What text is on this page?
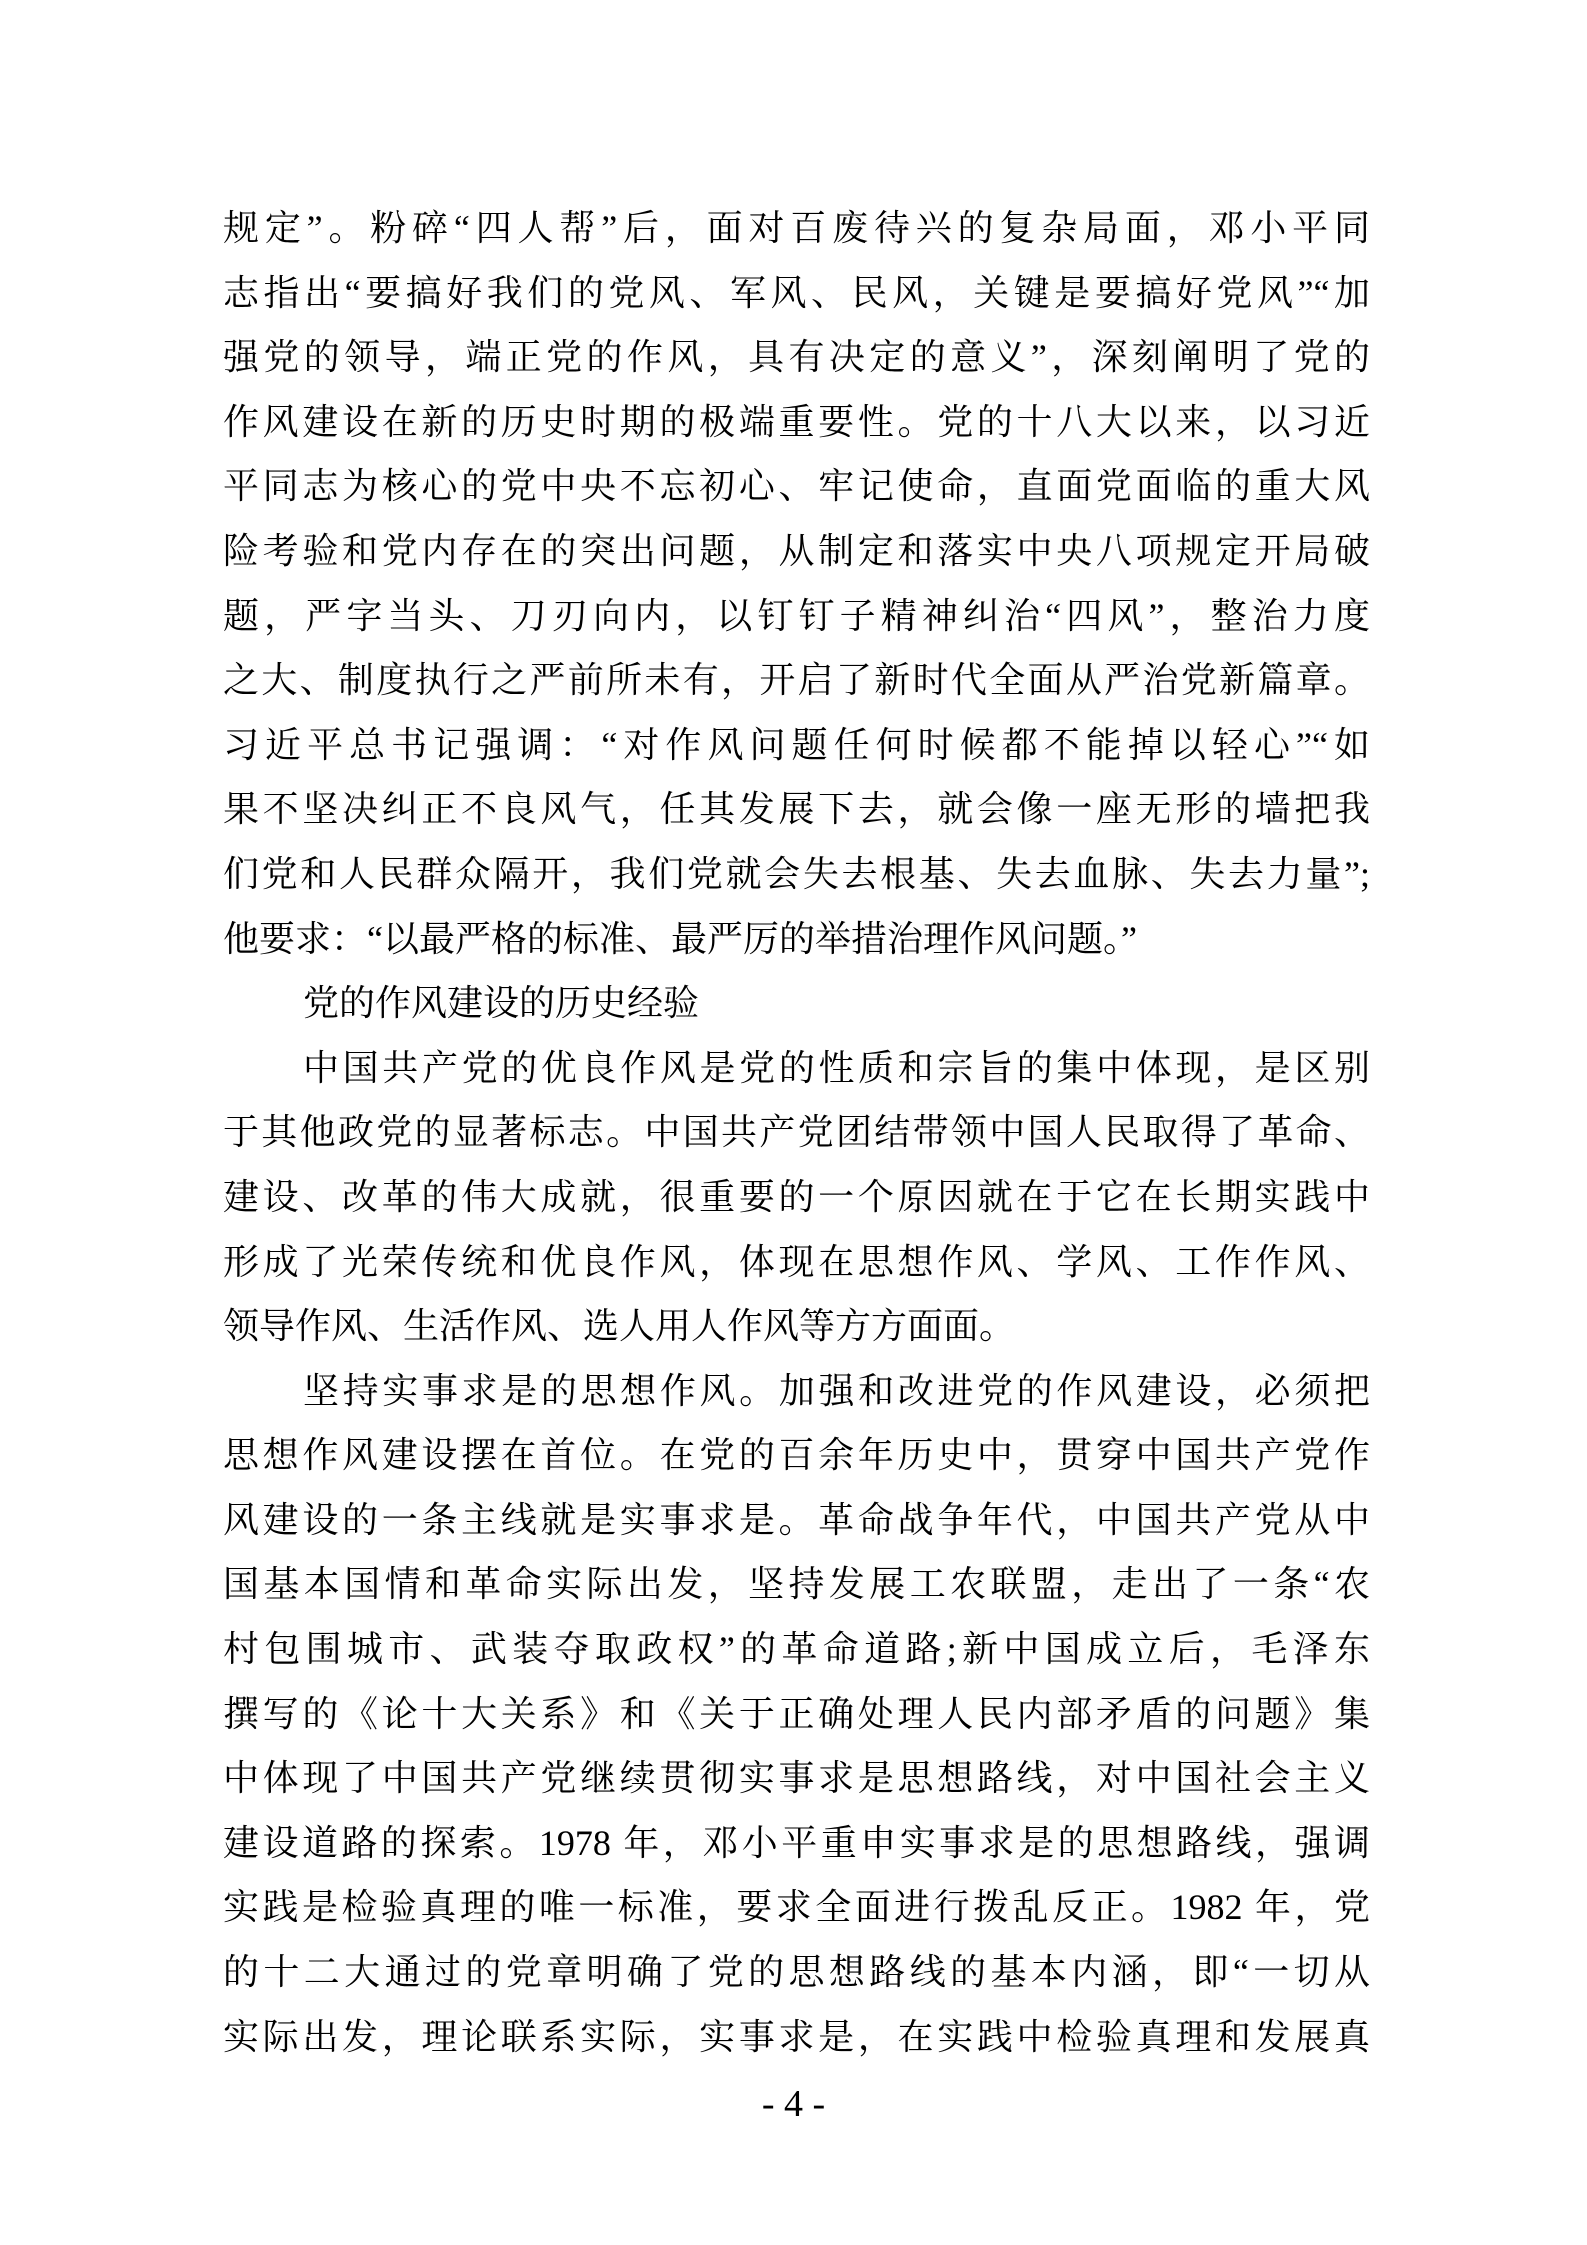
规定”。粉碎“四人帮”后，面对百废待兴的复杂局面，邓小平同
志指出“要搞好我们的党风、军风、民风，关键是要搞好党风”“加
强党的领导，端正党的作风，具有决定的意义”，深刻阐明了党的
作风建设在新的历史时期的极端重要性。党的十八大以来，以习近
平同志为核心的党中央不忘初心、牢记使命，直面党面临的重大风
险考验和党内存在的突出问题，从制定和落实中央八项规定开局破
题，严字当头、刀刃向内，以钉钉子精神纠治“四风”，整治力度
之大、制度执行之严前所未有，开启了新时代全面从严治党新篇章。
习近平总书记强调：“对作风问题任何时候都不能掉以轻心”“如
果不坚决纠正不良风气，任其发展下去，就会像一座无形的墙把我
们党和人民群众隔开，我们党就会失去根基、失去血脉、失去力量”;
他要求：“以最严格的标准、最严厉的举措治理作风问题。”
党的作风建设的历史经验
中国共产党的优良作风是党的性质和宗旨的集中体现，是区别
于其他政党的显著标志。中国共产党团结带领中国人民取得了革命、
建设、改革的伟大成就，很重要的一个原因就在于它在长期实践中
形成了光荣传统和优良作风，体现在思想作风、学风、工作作风、
领导作风、生活作风、选人用人作风等方方面面。
坚持实事求是的思想作风。加强和改进党的作风建设，必须把
思想作风建设摆在首位。在党的百余年历史中，贯穿中国共产党作
风建设的一条主线就是实事求是。革命战争年代，中国共产党从中
国基本国情和革命实际出发，坚持发展工农联盟，走出了一条“农
村包围城市、武装夺取政权”的革命道路;新中国成立后，毛泽东
撰写的《论十大关系》和《关于正确处理人民内部矛盾的问题》集
中体现了中国共产党继续贯彻实事求是思想路线，对中国社会主义
建设道路的探索。1978 年，邓小平重申实事求是的思想路线，强调
实践是检验真理的唯一标准，要求全面进行拨乱反正。1982 年，党
的十二大通过的党章明确了党的思想路线的基本内涵，即“一切从
实际出发，理论联系实际，实事求是，在实践中检验真理和发展真
- 4 -
